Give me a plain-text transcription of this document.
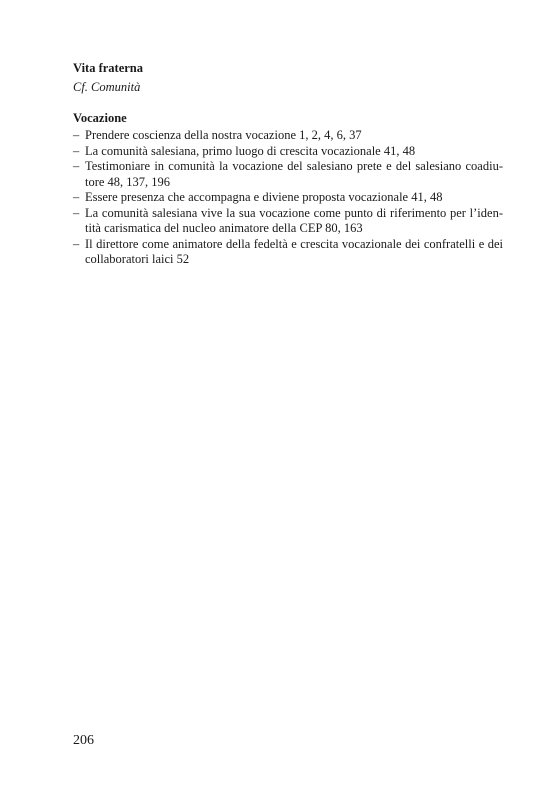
Vita fraterna

Cf. Comunità

Vocazione

– Prendere coscienza della nostra vocazione 1, 2, 4, 6, 37
– La comunità salesiana, primo luogo di crescita vocazionale 41, 48
– Testimoniare in comunità la vocazione del salesiano prete e del salesiano coadiu-tore 48, 137, 196
– Essere presenza che accompagna e diviene proposta vocazionale 41, 48
– La comunità salesiana vive la sua vocazione come punto di riferimento per l’iden-tità carismatica del nucleo animatore della CEP 80, 163
– Il direttore come animatore della fedeltà e crescita vocazionale dei confratelli e dei collaboratori laici 52

206
